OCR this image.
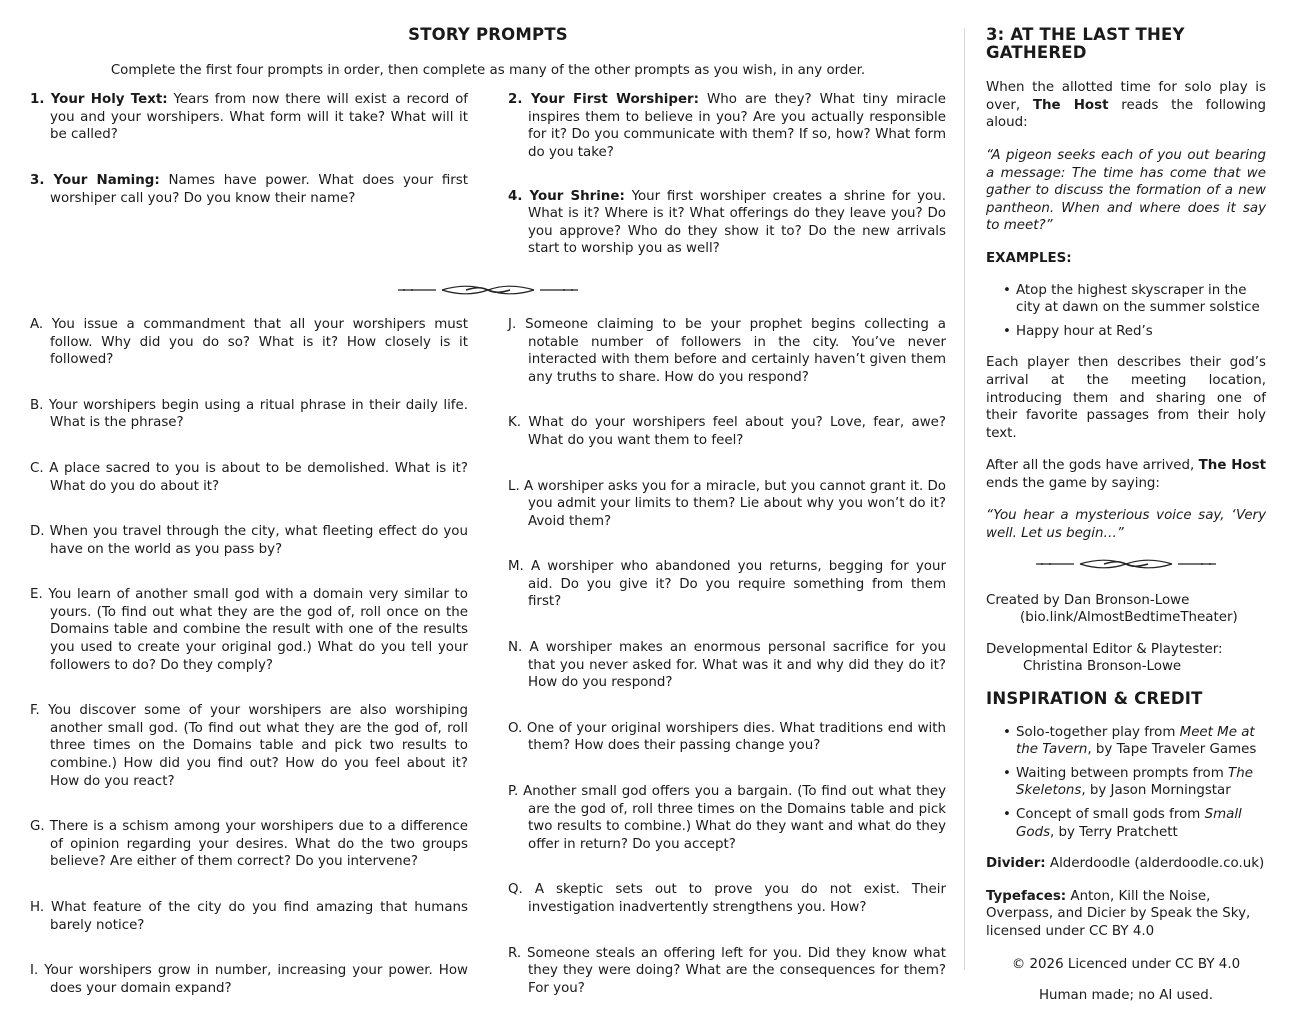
STORY PROMPTS

Complete the first four prompts in order, then complete as many of the other prompts as you wish, in any order.

1. Your Holy Text: Years from now there will exist a record of you and your worshipers. What form will it take? What will it be called?
3. Your Naming: Names have power. What does your first worshiper call you? Do you know their name?
2. Your First Worshiper: Who are they? What tiny miracle inspires them to believe in you? Are you actually responsible for it? Do you communicate with them? If so, how? What form do you take?
4. Your Shrine: Your first worshiper creates a shrine for you. What is it? Where is it? What offerings do they leave you? Do you approve? Who do they show it to? Do the new arrivals start to worship you as well?
A. You issue a commandment that all your worshipers must follow. Why did you do so? What is it? How closely is it followed?
B. Your worshipers begin using a ritual phrase in their daily life. What is the phrase?
C. A place sacred to you is about to be demolished. What is it? What do you do about it?
D. When you travel through the city, what fleeting effect do you have on the world as you pass by?
E. You learn of another small god with a domain very similar to yours. (To find out what they are the god of, roll once on the Domains table and combine the result with one of the results you used to create your original god.) What do you tell your followers to do? Do they comply?
F. You discover some of your worshipers are also worshiping another small god. (To find out what they are the god of, roll three times on the Domains table and pick two results to combine.) How did you find out? How do you feel about it? How do you react?
G. There is a schism among your worshipers due to a difference of opinion regarding your desires. What do the two groups believe? Are either of them correct? Do you intervene?
H. What feature of the city do you find amazing that humans barely notice?
I. Your worshipers grow in number, increasing your power. How does your domain expand?
J. Someone claiming to be your prophet begins collecting a notable number of followers in the city. You’ve never interacted with them before and certainly haven’t given them any truths to share. How do you respond?
K. What do your worshipers feel about you? Love, fear, awe? What do you want them to feel?
L. A worshiper asks you for a miracle, but you cannot grant it. Do you admit your limits to them? Lie about why you won’t do it? Avoid them?
M. A worshiper who abandoned you returns, begging for your aid. Do you give it? Do you require something from them first?
N. A worshiper makes an enormous personal sacrifice for you that you never asked for. What was it and why did they do it? How do you respond?
O. One of your original worshipers dies. What traditions end with them? How does their passing change you?
P. Another small god offers you a bargain. (To find out what they are the god of, roll three times on the Domains table and pick two results to combine.) What do they want and what do they offer in return? Do you accept?
Q. A skeptic sets out to prove you do not exist. Their investigation inadvertently strengthens you. How?
R. Someone steals an offering left for you. Did they know what they they were doing? What are the consequences for them? For you?
3: AT THE LAST THEY GATHERED

When the allotted time for solo play is over, The Host reads the following aloud:

“A pigeon seeks each of you out bearing a message: The time has come that we gather to discuss the formation of a new pantheon. When and where does it say to meet?”

EXAMPLES:

• Atop the highest skyscraper in the city at dawn on the summer solstice
• Happy hour at Red’s

Each player then describes their god’s arrival at the meeting location, introducing them and sharing one of their favorite passages from their holy text.

After all the gods have arrived, The Host ends the game by saying:

“You hear a mysterious voice say, ‘Very well. Let us begin…”

Created by Dan Bronson-Lowe

(bio.link/AlmostBedtimeTheater)

Developmental Editor & Playtester:

Christina Bronson-Lowe

INSPIRATION & CREDIT
• Solo-together play from Meet Me at the Tavern, by Tape Traveler Games
• Waiting between prompts from The Skeletons, by Jason Morningstar
• Concept of small gods from Small Gods, by Terry Pratchett

Divider: Alderdoodle (alderdoodle.co.uk)

Typefaces: Anton, Kill the Noise, Overpass, and Dicier by Speak the Sky, licensed under CC BY 4.0

© 2026 Licenced under CC BY 4.0

Human made; no AI used.
